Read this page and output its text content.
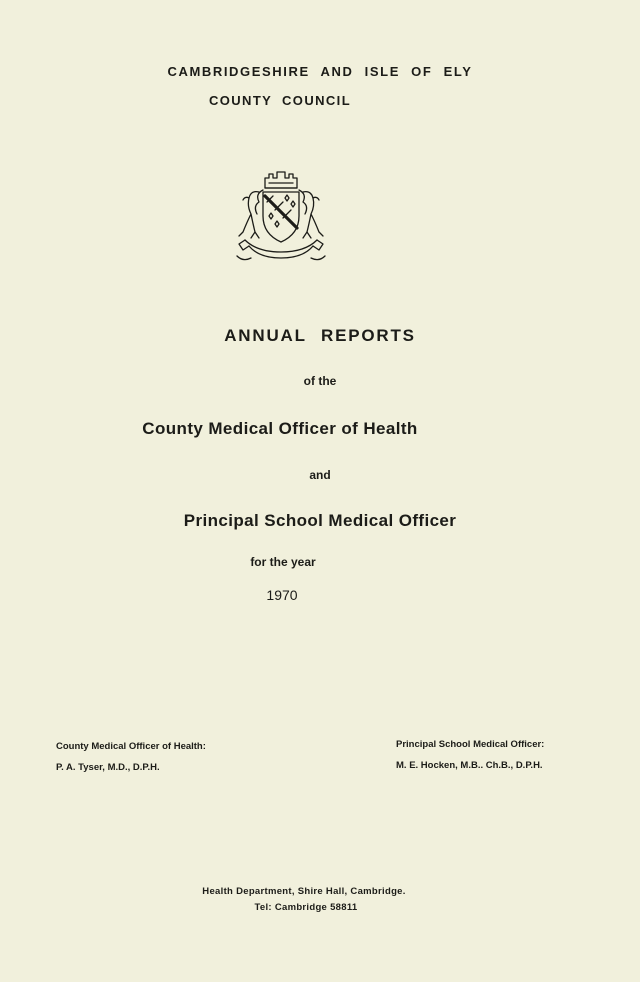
CAMBRIDGESHIRE AND ISLE OF ELY
COUNTY COUNCIL
ANNUAL REPORTS
of the
County Medical Officer of Health
and
Principal School Medical Officer
for the year
1970
County Medical Officer of Health:
P. A. Tyser, M.D., D.P.H.
Principal School Medical Officer:
M. E. Hocken, M.B.. Ch.B., D.P.H.
Health Department, Shire Hall, Cambridge.
Tel: Cambridge 58811
